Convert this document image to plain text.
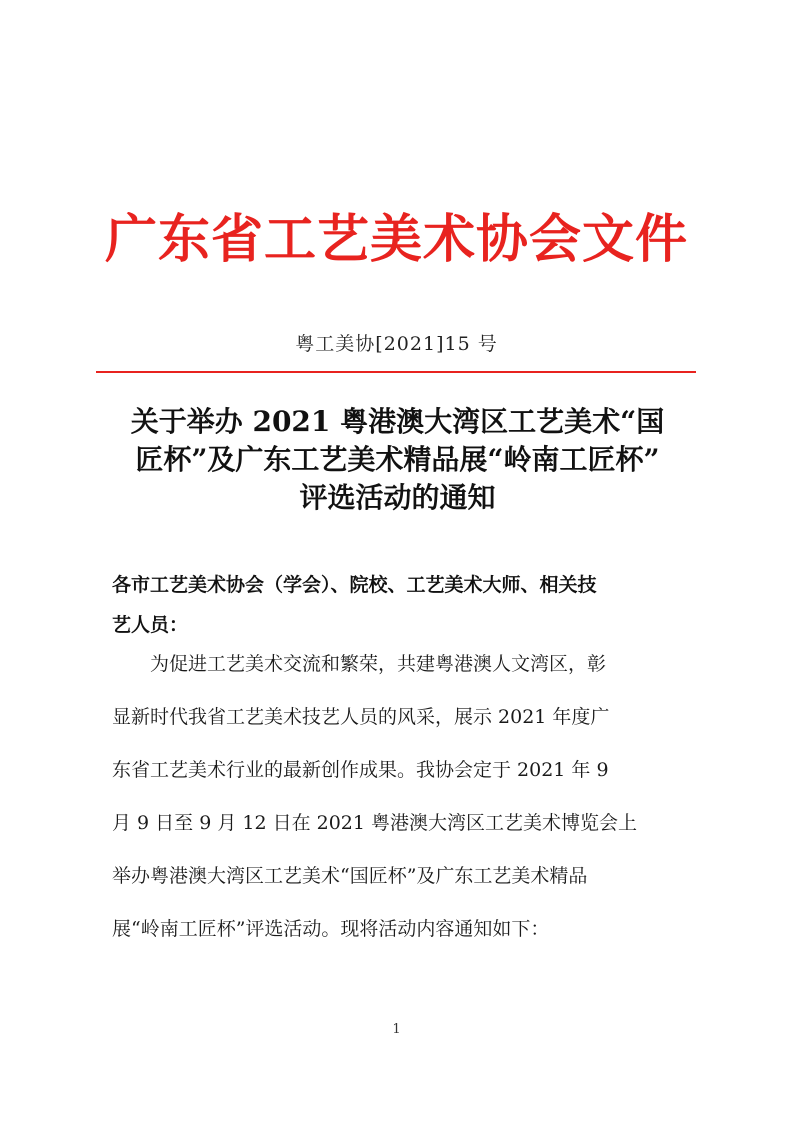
广东省工艺美术协会文件
粤工美协[2021]15 号
关于举办 2021 粤港澳大湾区工艺美术“国
匠杯”及广东工艺美术精品展“岭南工匠杯”
评选活动的通知
各市工艺美术协会（学会）、院校、工艺美术大师、相关技
艺人员：
为促进工艺美术交流和繁荣，共建粤港澳人文湾区，彰
显新时代我省工艺美术技艺人员的风采，展示 2021 年度广
东省工艺美术行业的最新创作成果。我协会定于 2021 年 9
月 9 日至 9 月 12 日在 2021 粤港澳大湾区工艺美术博览会上
举办粤港澳大湾区工艺美术“国匠杯”及广东工艺美术精品
展“岭南工匠杯”评选活动。现将活动内容通知如下：
1
